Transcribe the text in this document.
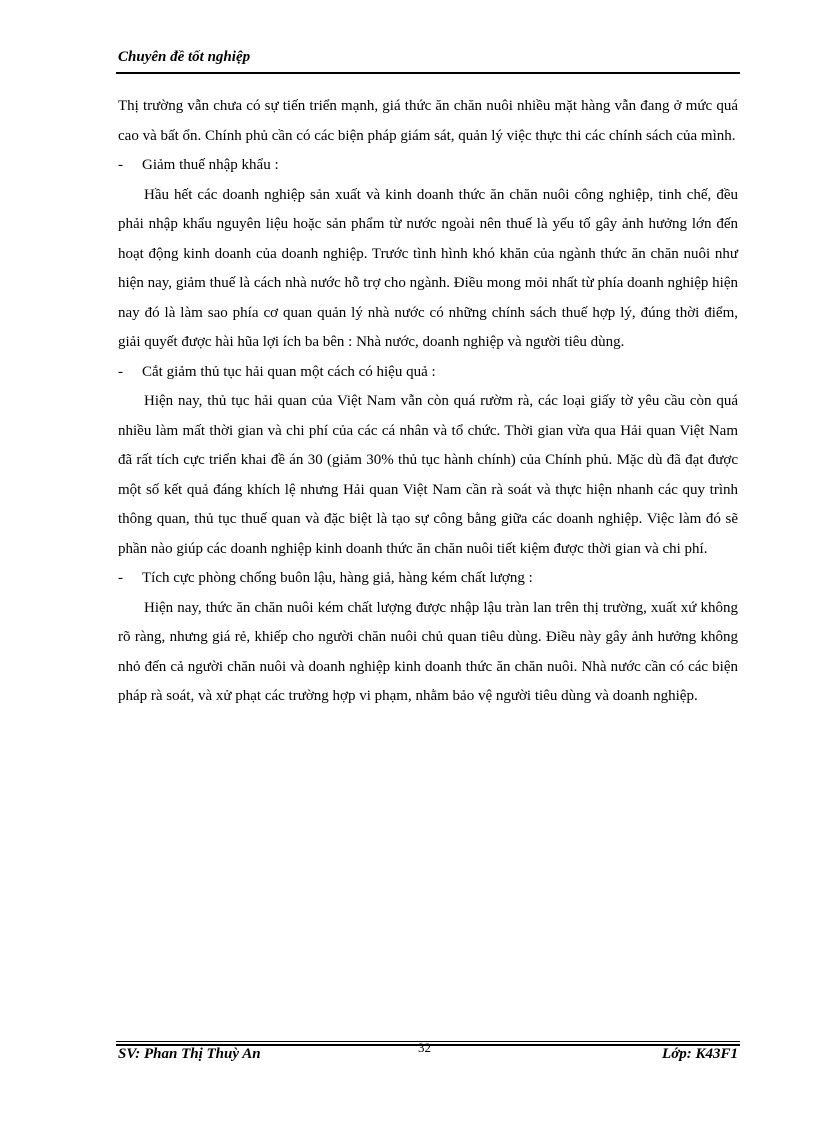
Chuyên đề tốt nghiệp

Thị trường vẫn chưa có sự tiến triển mạnh, giá thức ăn chăn nuôi nhiều mặt hàng vẫn đang ở mức quá cao và bất ổn. Chính phủ cần có các biện pháp giám sát, quản lý việc thực thi các chính sách của mình.

-	Giảm thuế nhập khẩu :

Hầu hết các doanh nghiệp sản xuất và kinh doanh thức ăn chăn nuôi công nghiệp, tinh chế, đều phải nhập khẩu nguyên liệu hoặc sản phẩm từ nước ngoài nên thuế là yếu tố gây ảnh hưởng lớn đến hoạt động kinh doanh của doanh nghiệp. Trước tình hình khó khăn của ngành thức ăn chăn nuôi như hiện nay, giảm thuế là cách nhà nước hỗ trợ cho ngành. Điều mong mỏi nhất từ phía doanh nghiệp hiện nay đó là làm sao phía cơ quan quản lý nhà nước có những chính sách thuế hợp lý, đúng thời điểm, giải quyết được hài hũa lợi ích ba bên : Nhà nước, doanh nghiệp và người tiêu dùng.

-	Cắt giảm thủ tục hải quan một cách có hiệu quả :

Hiện nay, thủ tục hải quan của Việt Nam vẫn còn quá rườm rà, các loại giấy tờ yêu cầu còn quá nhiều làm mất thời gian và chi phí của các cá nhân và tổ chức. Thời gian vừa qua Hải quan Việt Nam đã rất tích cực triển khai đề án 30 (giảm 30% thủ tục hành chính) của Chính phủ. Mặc dù đã đạt được một số kết quả đáng khích lệ nhưng Hải quan Việt Nam cần rà soát và thực hiện nhanh các quy trình thông quan, thủ tục thuế quan và đặc biệt là tạo sự công bằng giữa các doanh nghiệp. Việc làm đó sẽ phần nào giúp các doanh nghiệp kinh doanh thức ăn chăn nuôi tiết kiệm được thời gian và chi phí.

-	Tích cực phòng chống buôn lậu, hàng giả, hàng kém chất lượng :

Hiện nay, thức ăn chăn nuôi kém chất lượng được nhập lậu tràn lan trên thị trường, xuất xứ không rõ ràng, nhưng giá rẻ, khiếp cho người chăn nuôi chủ quan tiêu dùng. Điều này gây ảnh hưởng không nhỏ đến cả người chăn nuôi và doanh nghiệp kinh doanh thức ăn chăn nuôi. Nhà nước cần có các biện pháp rà soát, và xử phạt các trường hợp vi phạm, nhằm bảo vệ người tiêu dùng và doanh nghiệp.

SV: Phan Thị Thuỳ An	32	Lớp: K43F1
